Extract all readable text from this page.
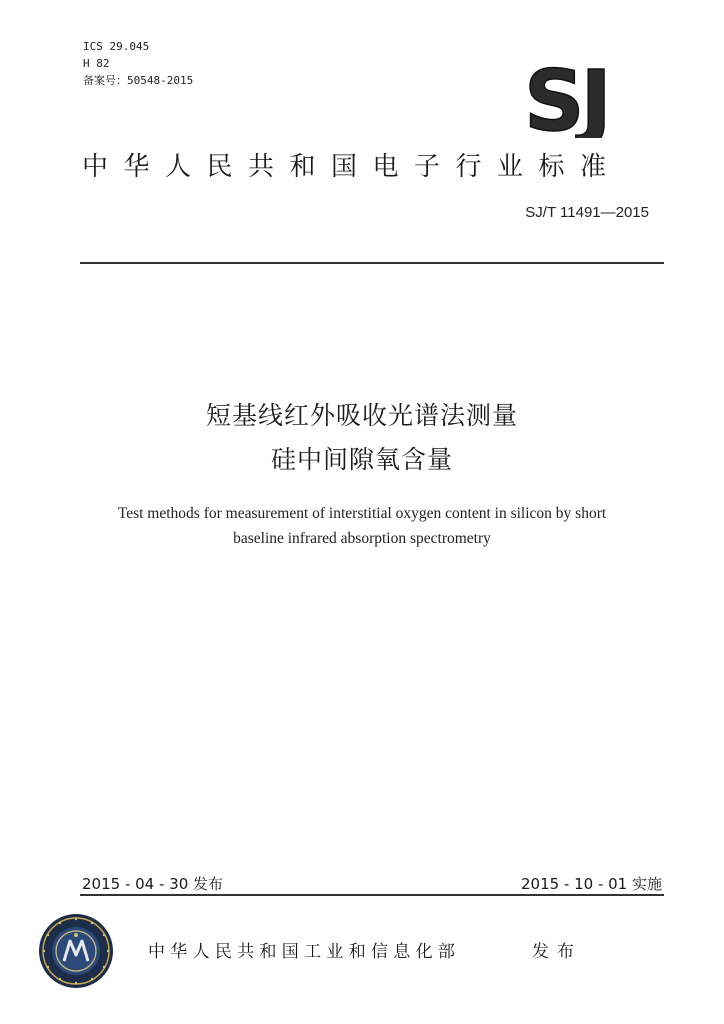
ICS 29.045
H 82
备案号：50548-2015	SJ
中华人民共和国电子行业标准
SJ/T 11491—2015
短基线红外吸收光谱法测量
硅中间隙氧含量
Test methods for measurement of interstitial oxygen content in silicon by short
baseline infrared absorption spectrometry
2015 - 04 - 30 发布	2015 - 10 - 01 实施
中华人民共和国工业和信息化部	发布
